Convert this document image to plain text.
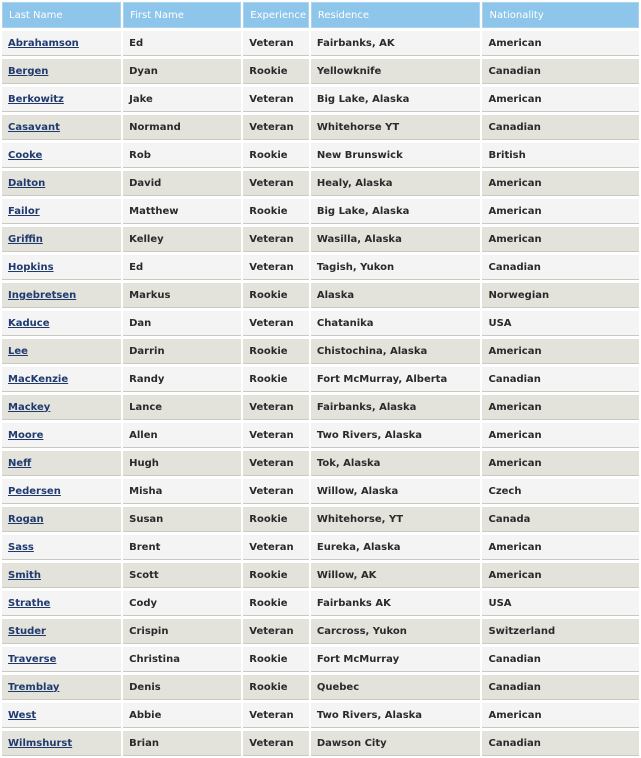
Last Name	First Name	Experience	Residence	Nationality
Abrahamson	Ed	Veteran	Fairbanks, AK	American
Bergen	Dyan	Rookie	Yellowknife	Canadian
Berkowitz	Jake	Veteran	Big Lake, Alaska	American
Casavant	Normand	Veteran	Whitehorse YT	Canadian
Cooke	Rob	Rookie	New Brunswick	British
Dalton	David	Veteran	Healy, Alaska	American
Failor	Matthew	Rookie	Big Lake, Alaska	American
Griffin	Kelley	Veteran	Wasilla, Alaska	American
Hopkins	Ed	Veteran	Tagish, Yukon	Canadian
Ingebretsen	Markus	Rookie	Alaska	Norwegian
Kaduce	Dan	Veteran	Chatanika	USA
Lee	Darrin	Rookie	Chistochina, Alaska	American
MacKenzie	Randy	Rookie	Fort McMurray, Alberta	Canadian
Mackey	Lance	Veteran	Fairbanks, Alaska	American
Moore	Allen	Veteran	Two Rivers, Alaska	American
Neff	Hugh	Veteran	Tok, Alaska	American
Pedersen	Misha	Veteran	Willow, Alaska	Czech
Rogan	Susan	Rookie	Whitehorse, YT	Canada
Sass	Brent	Veteran	Eureka, Alaska	American
Smith	Scott	Rookie	Willow, AK	American
Strathe	Cody	Rookie	Fairbanks AK	USA
Studer	Crispin	Veteran	Carcross, Yukon	Switzerland
Traverse	Christina	Rookie	Fort McMurray	Canadian
Tremblay	Denis	Rookie	Quebec	Canadian
West	Abbie	Veteran	Two Rivers, Alaska	American
Wilmshurst	Brian	Veteran	Dawson City	Canadian
